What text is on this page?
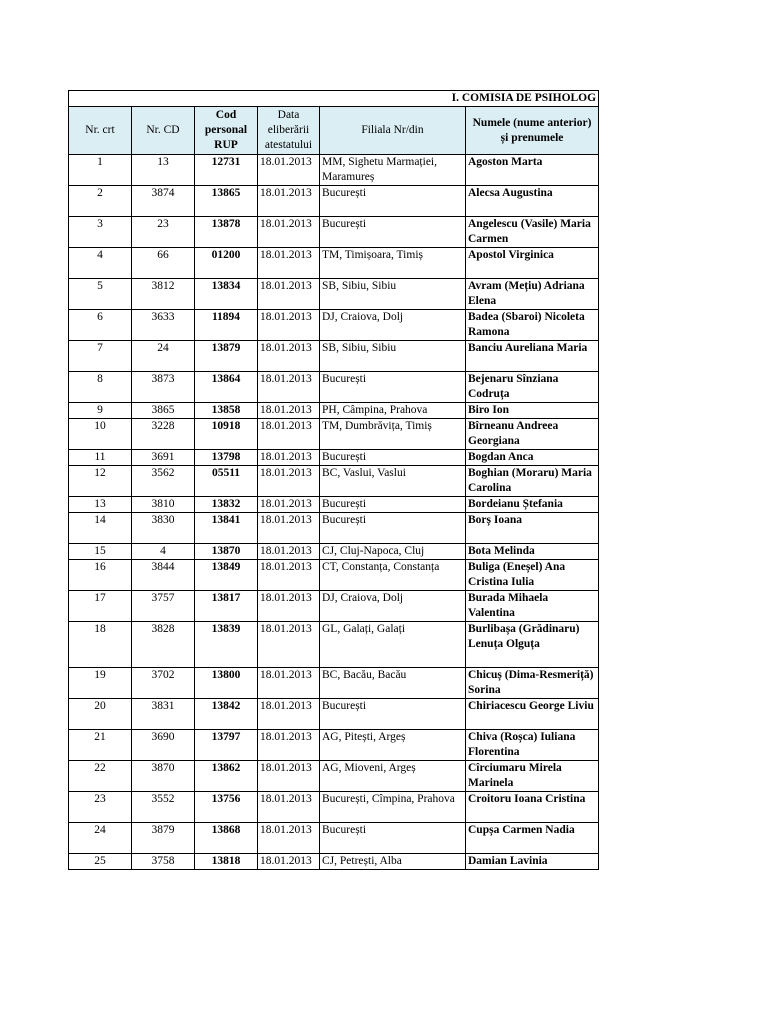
I. COMISIA DE PSIHOLOG					
Nr. crt	Nr. CD	Cod personal RUP	Data eliberării atestatului	Filiala Nr/din	Numele (nume anterior) și prenumele
1	13	12731	18.01.2013	MM, Sighetu Marmației, Maramureș	Agoston Marta
2	3874	13865	18.01.2013	București	Alecsa Augustina
3	23	13878	18.01.2013	București	Angelescu (Vasile) Maria Carmen
4	66	01200	18.01.2013	TM, Timișoara, Timiș	Apostol Virginica
5	3812	13834	18.01.2013	SB, Sibiu, Sibiu	Avram (Mețiu) Adriana Elena
6	3633	11894	18.01.2013	DJ, Craiova, Dolj	Badea (Sbaroi) Nicoleta Ramona
7	24	13879	18.01.2013	SB, Sibiu, Sibiu	Banciu Aureliana Maria
8	3873	13864	18.01.2013	București	Bejenaru Sînziana Codruța
9	3865	13858	18.01.2013	PH, Câmpina, Prahova	Biro Ion
10	3228	10918	18.01.2013	TM, Dumbrăvița, Timiș	Bîrneanu Andreea Georgiana
11	3691	13798	18.01.2013	București	Bogdan Anca
12	3562	05511	18.01.2013	BC, Vaslui, Vaslui	Boghian (Moraru) Maria Carolina
13	3810	13832	18.01.2013	București	Bordeianu Ștefania
14	3830	13841	18.01.2013	București	Borș Ioana
15	4	13870	18.01.2013	CJ, Cluj-Napoca, Cluj	Bota Melinda
16	3844	13849	18.01.2013	CT, Constanța, Constanța	Buliga (Eneșel) Ana Cristina Iulia
17	3757	13817	18.01.2013	DJ, Craiova, Dolj	Burada Mihaela Valentina
18	3828	13839	18.01.2013	GL, Galați, Galați	Burlibașa (Grădinaru) Lenuța Olguța
19	3702	13800	18.01.2013	BC, Bacău, Bacău	Chicuș (Dima-Resmeriță) Sorina
20	3831	13842	18.01.2013	București	Chiriacescu George Liviu
21	3690	13797	18.01.2013	AG, Pitești, Argeș	Chiva (Roșca) Iuliana Florentina
22	3870	13862	18.01.2013	AG, Mioveni, Argeș	Cîrciumaru Mirela Marinela
23	3552	13756	18.01.2013	București, Cîmpina, Prahova	Croitoru Ioana Cristina
24	3879	13868	18.01.2013	București	Cupșa Carmen Nadia
25	3758	13818	18.01.2013	CJ, Petrești, Alba	Damian Lavinia
